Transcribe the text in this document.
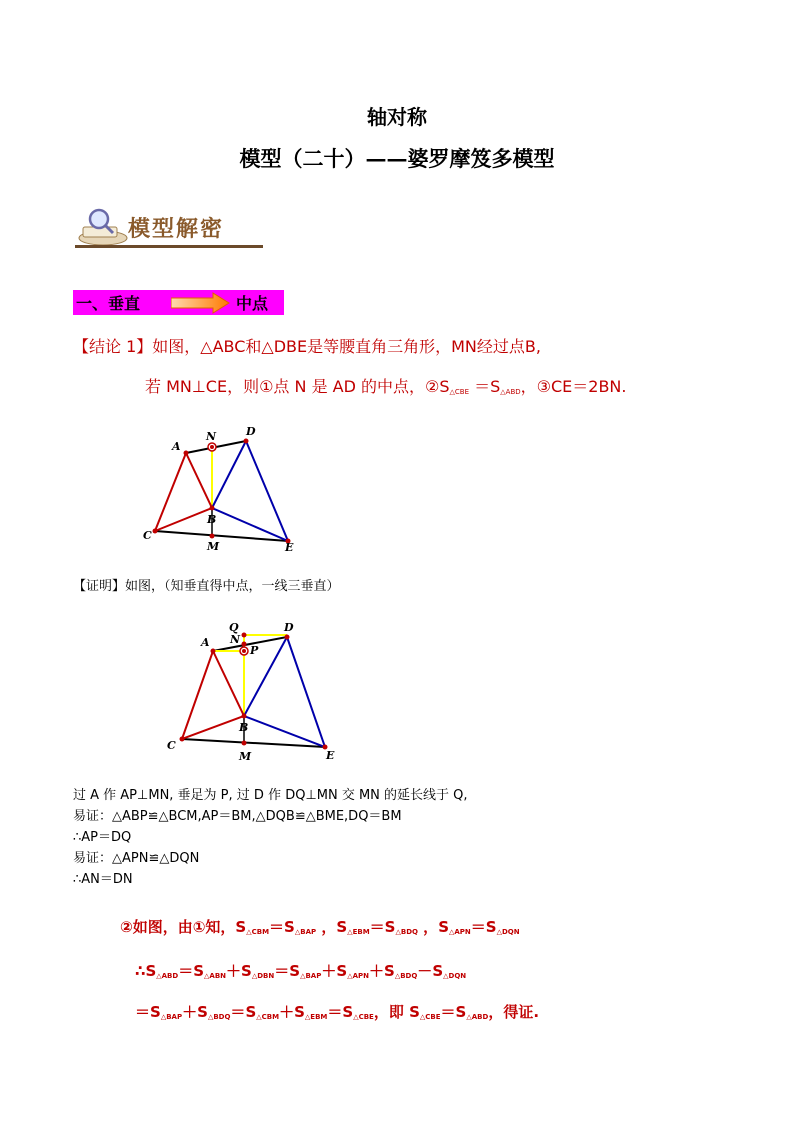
轴对称
模型（二十）——婆罗摩笈多模型
模型解密
一、垂直	中点
【结论 1】如图，△ABC和△DBE是等腰直角三角形，MN经过点B,
若 MN⊥CE，则①点 N 是 AD 的中点，$②S_{\triangle CBE} =S_{\triangle ABD}$，③CE＝2BN.
A
N	D
B
C
M	E
【证明】如图，（知垂直得中点，一线三垂直）
Q
N
D
A
P
B
C
M	E
过 A 作 AP⊥MN, 垂足为 P, 过 D 作 DQ⊥MN 交 MN 的延长线于 Q,
易证：△ABP≌△BCM,AP＝BM,△DQB≌△BME,DQ＝BM
∴AP＝DQ
易证：△APN≌△DQN
∴AN＝DN
②如图，由①知，$S_{\triangle CBM}=S_{\triangle BAP}$ ，$S_{\triangle EBM}=S_{\triangle BDQ}$ ，$S_{\triangle APN}=S_{\triangle DQN}$
$\therefore S_{\triangle ABD}=S_{\triangle ABN}+S_{\triangle DBN}=S_{\triangle BAP}+S_{\triangle APN}+S_{\triangle BDQ}-S_{\triangle DQN}$
$=S_{\triangle BAP}+S_{\triangle BDQ}=S_{\triangle CBM}+S_{\triangle EBM}=S_{\triangle CBE}$，即 $S_{\triangle CBE}=S_{\triangle ABD}$，得证.
